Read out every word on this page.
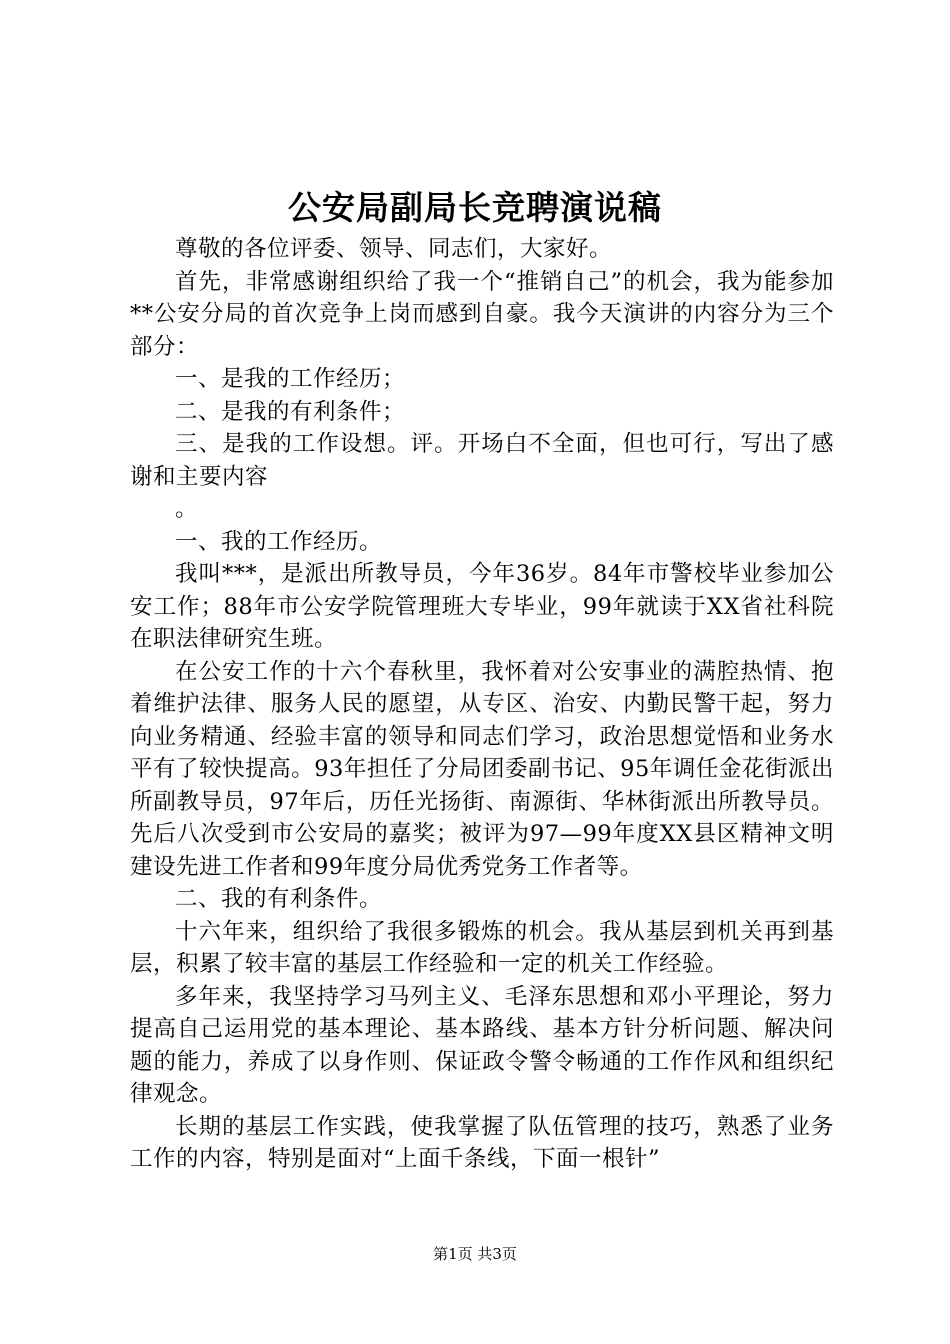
公安局副局长竞聘演说稿

尊敬的各位评委、领导、同志们，大家好。

首先，非常感谢组织给了我一个“推销自己”的机会，我为能参加**公安分局的首次竞争上岗而感到自豪。我今天演讲的内容分为三个部分：

一、是我的工作经历；

二、是我的有利条件；

三、是我的工作设想。评。开场白不全面，但也可行，写出了感谢和主要内容

。

一、我的工作经历。

我叫***，是派出所教导员，今年36岁。84年市警校毕业参加公安工作；88年市公安学院管理班大专毕业，99年就读于XX省社科院在职法律研究生班。

在公安工作的十六个春秋里，我怀着对公安事业的满腔热情、抱着维护法律、服务人民的愿望，从专区、治安、内勤民警干起，努力向业务精通、经验丰富的领导和同志们学习，政治思想觉悟和业务水平有了较快提高。93年担任了分局团委副书记、95年调任金花街派出所副教导员，97年后，历任光扬街、南源街、华林街派出所教导员。先后八次受到市公安局的嘉奖；被评为97—99年度XX县区精神文明建设先进工作者和99年度分局优秀党务工作者等。

二、我的有利条件。

十六年来，组织给了我很多锻炼的机会。我从基层到机关再到基层，积累了较丰富的基层工作经验和一定的机关工作经验。

多年来，我坚持学习马列主义、毛泽东思想和邓小平理论，努力提高自己运用党的基本理论、基本路线、基本方针分析问题、解决问题的能力，养成了以身作则、保证政令警令畅通的工作作风和组织纪律观念。

长期的基层工作实践，使我掌握了队伍管理的技巧，熟悉了业务工作的内容，特别是面对“上面千条线，下面一根针”

第1页 共3页
